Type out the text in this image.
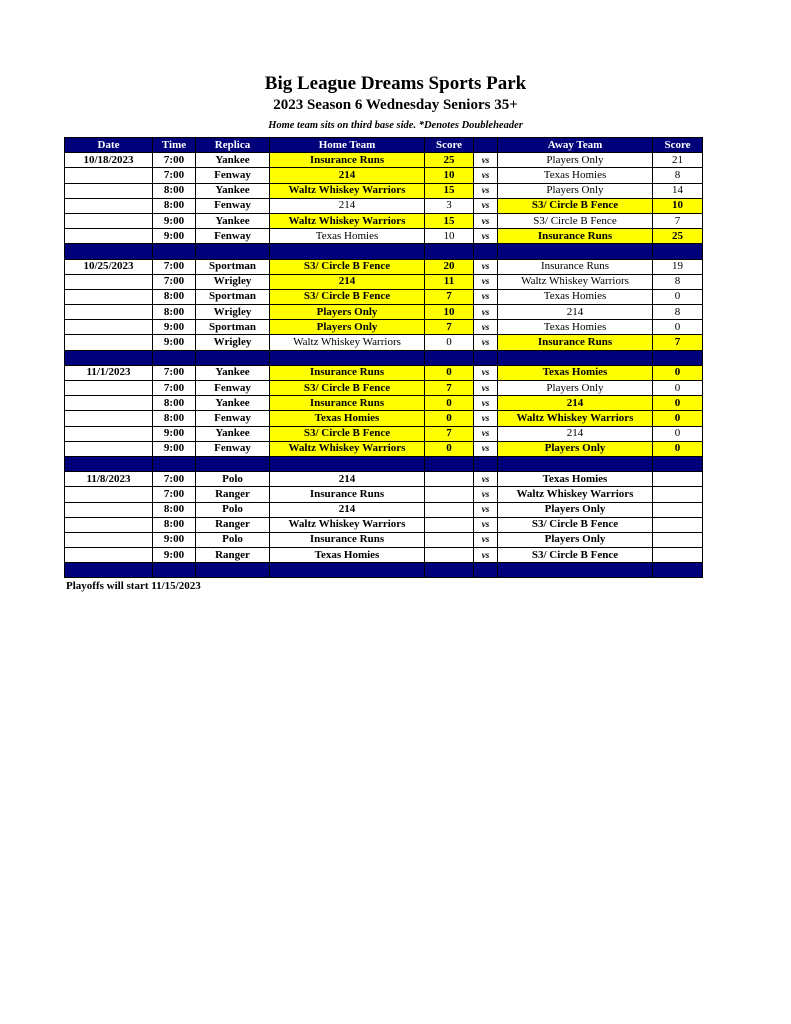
Big League Dreams Sports Park
2023 Season 6 Wednesday Seniors 35+
Home team sits on third base side. *Denotes Doubleheader
Date	Time	Replica	Home Team	Score		Away Team	Score
10/18/2023	7:00	Yankee	Insurance Runs	25	vs	Players Only	21
	7:00	Fenway	214	10	vs	Texas Homies	8
	8:00	Yankee	Waltz Whiskey Warriors	15	vs	Players Only	14
	8:00	Fenway	214	3	vs	S3/ Circle B Fence	10
	9:00	Yankee	Waltz Whiskey Warriors	15	vs	S3/ Circle B Fence	7
	9:00	Fenway	Texas Homies	10	vs	Insurance Runs	25

10/25/2023	7:00	Sportman	S3/ Circle B Fence	20	vs	Insurance Runs	19
	7:00	Wrigley	214	11	vs	Waltz Whiskey Warriors	8
	8:00	Sportman	S3/ Circle B Fence	7	vs	Texas Homies	0
	8:00	Wrigley	Players Only	10	vs	214	8
	9:00	Sportman	Players Only	7	vs	Texas Homies	0
	9:00	Wrigley	Waltz Whiskey Warriors	0	vs	Insurance Runs	7

11/1/2023	7:00	Yankee	Insurance Runs	0	vs	Texas Homies	0
	7:00	Fenway	S3/ Circle B Fence	7	vs	Players Only	0
	8:00	Yankee	Insurance Runs	0	vs	214	0
	8:00	Fenway	Texas Homies	0	vs	Waltz Whiskey Warriors	0
	9:00	Yankee	S3/ Circle B Fence	7	vs	214	0
	9:00	Fenway	Waltz Whiskey Warriors	0	vs	Players Only	0

11/8/2023	7:00	Polo	214		vs	Texas Homies	
	7:00	Ranger	Insurance Runs		vs	Waltz Whiskey Warriors	
	8:00	Polo	214		vs	Players Only	
	8:00	Ranger	Waltz Whiskey Warriors		vs	S3/ Circle B Fence	
	9:00	Polo	Insurance Runs		vs	Players Only	
	9:00	Ranger	Texas Homies		vs	S3/ Circle B Fence	

Playoffs will start 11/15/2023
